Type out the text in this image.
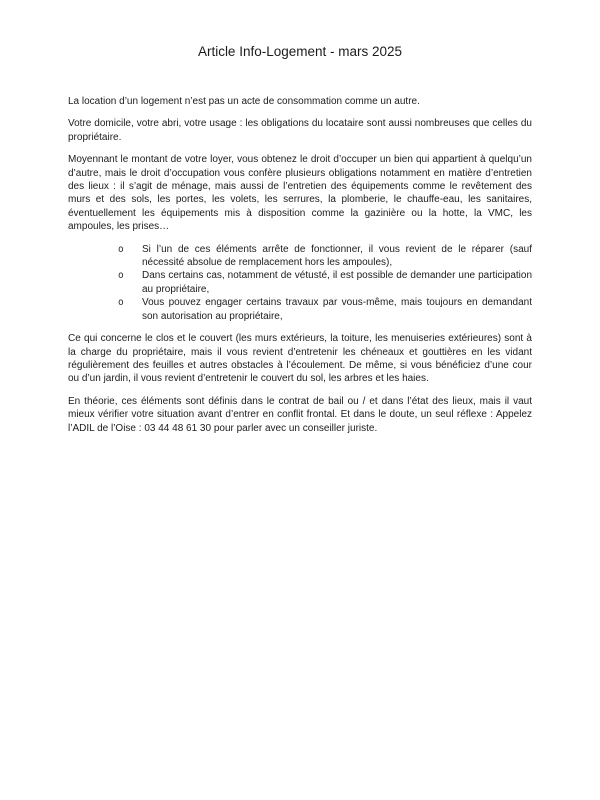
Article Info-Logement - mars 2025

La location d’un logement n’est pas un acte de consommation comme un autre.

Votre domicile, votre abri, votre usage : les obligations du locataire sont aussi nombreuses que celles du propriétaire.

Moyennant le montant de votre loyer, vous obtenez le droit d’occuper un bien qui appartient à quelqu’un d’autre, mais le droit d’occupation vous confère plusieurs obligations notamment en matière d’entretien des lieux : il s’agit de ménage, mais aussi de l’entretien des équipements comme le revêtement des murs et des sols, les portes, les volets, les serrures, la plomberie, le chauffe-eau, les sanitaires, éventuellement les équipements mis à disposition comme la gazinière ou la hotte, la VMC, les ampoules, les prises…

o	Si l’un de ces éléments arrête de fonctionner, il vous revient de le réparer (sauf nécessité absolue de remplacement hors les ampoules),
o	Dans certains cas, notamment de vétusté, il est possible de demander une participation au propriétaire,
o	Vous pouvez engager certains travaux par vous-même, mais toujours en demandant son autorisation au propriétaire,

Ce qui concerne le clos et le couvert (les murs extérieurs, la toiture, les menuiseries extérieures) sont à la charge du propriétaire, mais il vous revient d’entretenir les chéneaux et gouttières en les vidant régulièrement des feuilles et autres obstacles à l’écoulement. De même, si vous bénéficiez d’une cour ou d’un jardin, il vous revient d’entretenir le couvert du sol, les arbres et les haies.

En théorie, ces éléments sont définis dans le contrat de bail ou / et dans l’état des lieux, mais il vaut mieux vérifier votre situation avant d’entrer en conflit frontal. Et dans le doute, un seul réflexe : Appelez l’ADIL de l’Oise : 03 44 48 61 30 pour parler avec un conseiller juriste.
